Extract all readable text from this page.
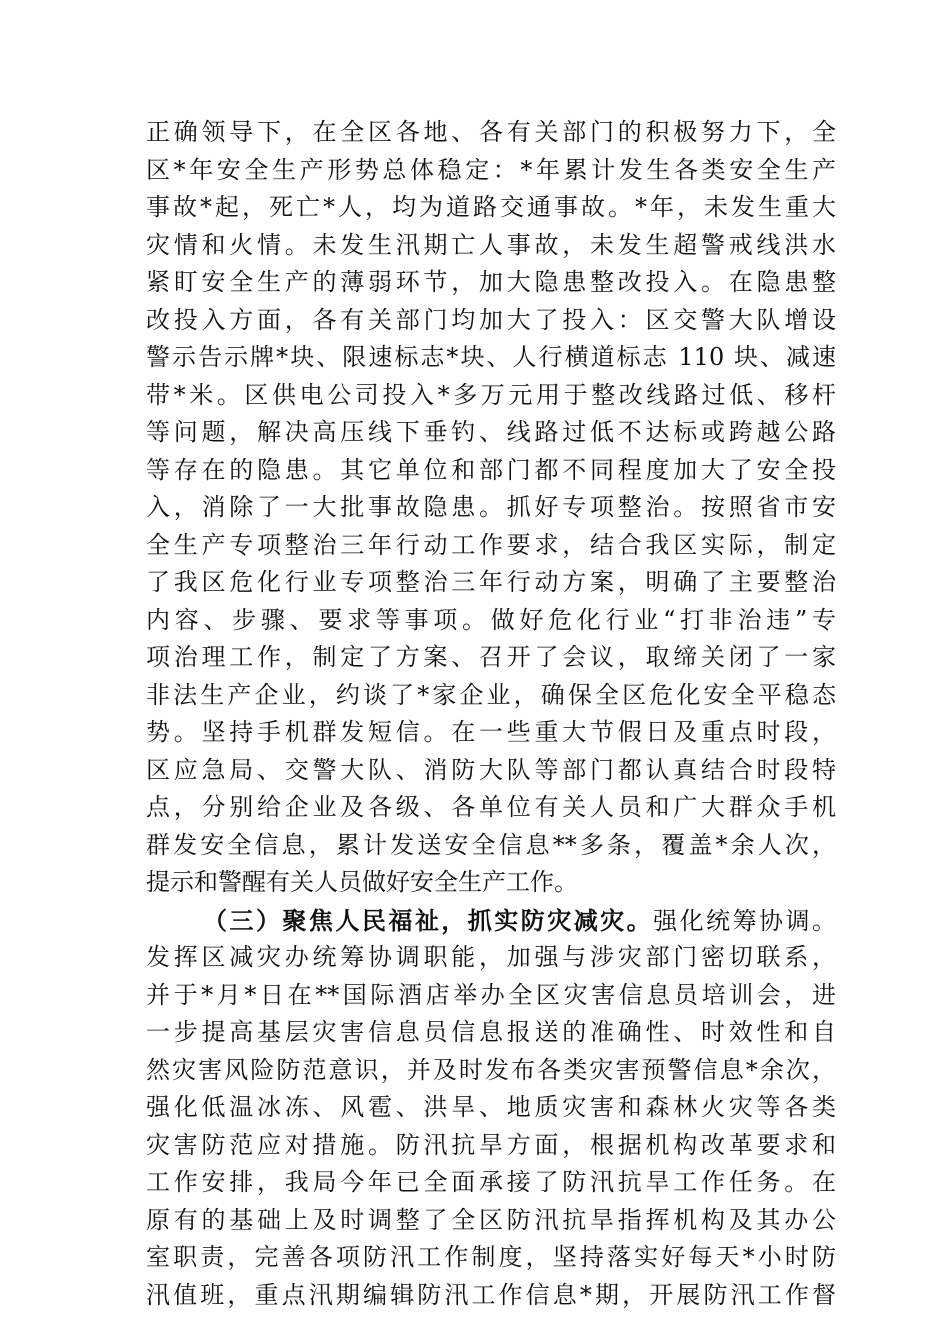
正确领导下，在全区各地、各有关部门的积极努力下，全
区*年安全生产形势总体稳定：*年累计发生各类安全生产
事故*起，死亡*人，均为道路交通事故。*年，未发生重大
灾情和火情。未发生汛期亡人事故，未发生超警戒线洪水
紧盯安全生产的薄弱环节，加大隐患整改投入。在隐患整
改投入方面，各有关部门均加大了投入：区交警大队增设
警示告示牌*块、限速标志*块、人行横道标志 110 块、减速
带*米。区供电公司投入*多万元用于整改线路过低、移杆
等问题，解决高压线下垂钓、线路过低不达标或跨越公路
等存在的隐患。其它单位和部门都不同程度加大了安全投
入，消除了一大批事故隐患。抓好专项整治。按照省市安
全生产专项整治三年行动工作要求，结合我区实际，制定
了我区危化行业专项整治三年行动方案，明确了主要整治
内容、步骤、要求等事项。做好危化行业“打非治违”专
项治理工作，制定了方案、召开了会议，取缔关闭了一家
非法生产企业，约谈了*家企业，确保全区危化安全平稳态
势。坚持手机群发短信。在一些重大节假日及重点时段，
区应急局、交警大队、消防大队等部门都认真结合时段特
点，分别给企业及各级、各单位有关人员和广大群众手机
群发安全信息，累计发送安全信息**多条，覆盖*余人次，
提示和警醒有关人员做好安全生产工作。
（三）聚焦人民福祉，抓实防灾减灾。强化统筹协调。
发挥区减灾办统筹协调职能，加强与涉灾部门密切联系，
并于*月*日在**国际酒店举办全区灾害信息员培训会，进
一步提高基层灾害信息员信息报送的准确性、时效性和自
然灾害风险防范意识，并及时发布各类灾害预警信息*余次，
强化低温冰冻、风雹、洪旱、地质灾害和森林火灾等各类
灾害防范应对措施。防汛抗旱方面，根据机构改革要求和
工作安排，我局今年已全面承接了防汛抗旱工作任务。在
原有的基础上及时调整了全区防汛抗旱指挥机构及其办公
室职责，完善各项防汛工作制度，坚持落实好每天*小时防
汛值班，重点汛期编辑防汛工作信息*期，开展防汛工作督
